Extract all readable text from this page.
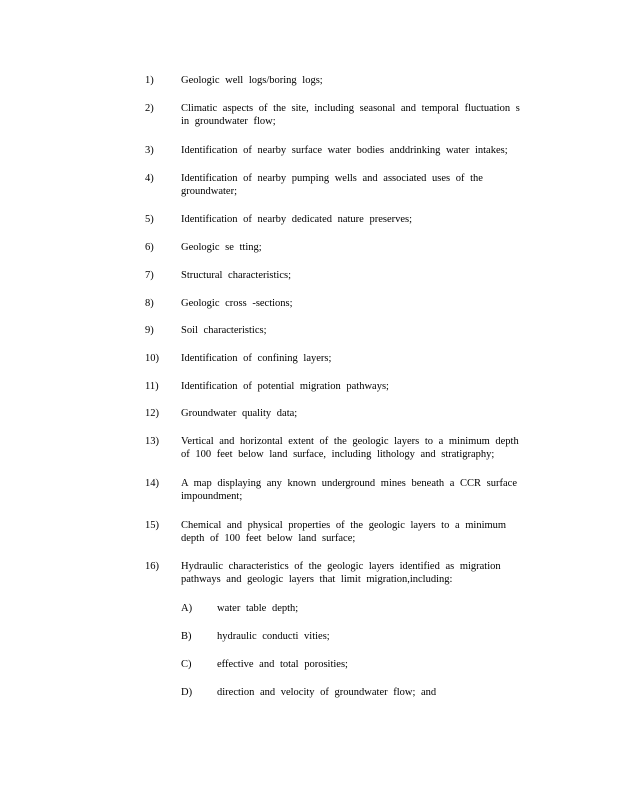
1)	Geologic well logs/boring logs;
2)	Climatic aspects of the site, including seasonal and temporal fluctuation s in groundwater flow;
3)	Identification of nearby surface water bodies anddrinking water intakes;
4)	Identification of nearby pumping wells and associated uses of the groundwater;
5)	Identification of nearby dedicated nature preserves;
6)	Geologic se tting;
7)	Structural characteristics;
8)	Geologic cross -sections;
9)	Soil characteristics;
10) Identification of confining layers;
11) Identification of potential migration pathways;
12) Groundwater quality data;
13) Vertical and horizontal extent of the geologic layers to a minimum depth of 100 feet below land surface, including lithology and stratigraphy;
14) A map displaying any known underground mines beneath a CCR surface impoundment;
15) Chemical and physical properties of the geologic layers to a minimum depth of 100 feet below land surface;
16) Hydraulic characteristics of the geologic layers identified as migration pathways and geologic layers that limit migration,including:
A) water table depth;
B) hydraulic conducti vities;
C) effective and total porosities;
D) direction and velocity of groundwater flow; and
